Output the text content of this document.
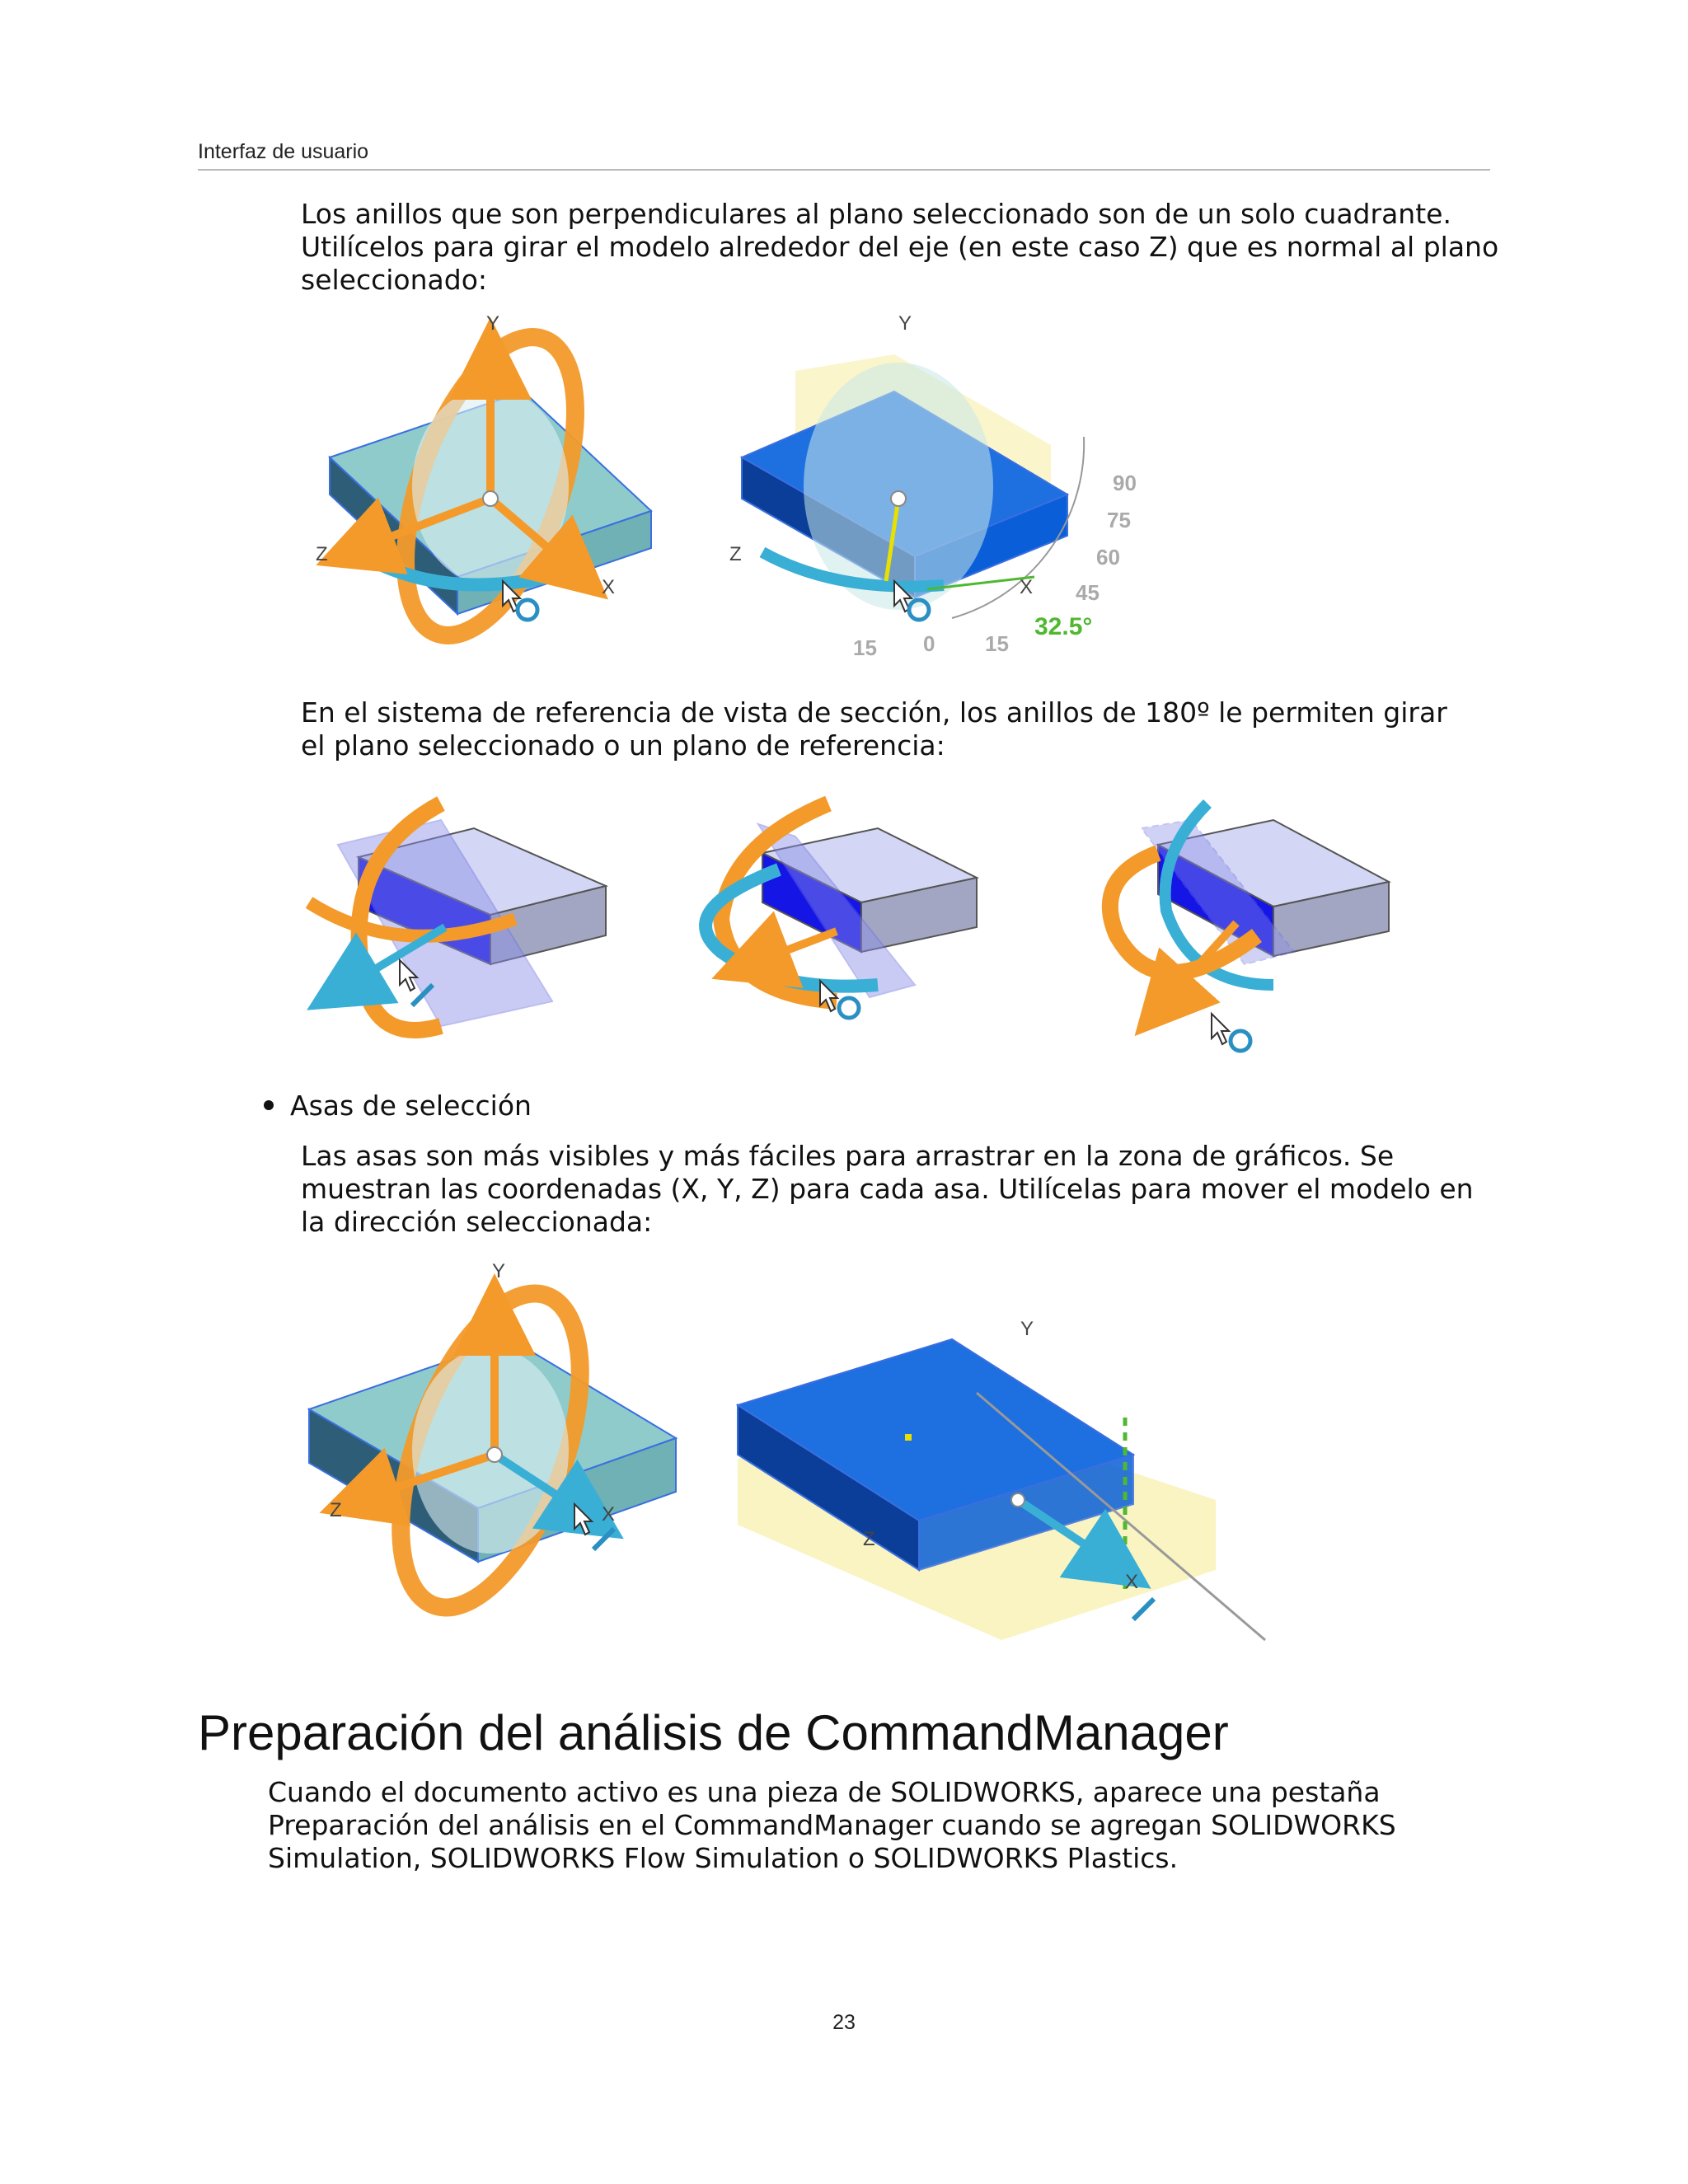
Interfaz de usuario

Los anillos que son perpendiculares al plano seleccionado son de un solo cuadrante.
Utilícelos para girar el modelo alrededor del eje (en este caso Z) que es normal al plano
seleccionado:

Y
Z
X
Y
Z
X
90
75
60
45
15
0
15
32.5°

En el sistema de referencia de vista de sección, los anillos de 180º le permiten girar
el plano seleccionado o un plano de referencia:

Asas de selección

Las asas son más visibles y más fáciles para arrastrar en la zona de gráficos. Se
muestran las coordenadas (X, Y, Z) para cada asa. Utilícelas para mover el modelo en
la dirección seleccionada:

Y
Z	X
Y
Z
X
Preparación del análisis de CommandManager

Cuando el documento activo es una pieza de SOLIDWORKS, aparece una pestaña
Preparación del análisis en el CommandManager cuando se agregan SOLIDWORKS
Simulation, SOLIDWORKS Flow Simulation o SOLIDWORKS Plastics.

23
